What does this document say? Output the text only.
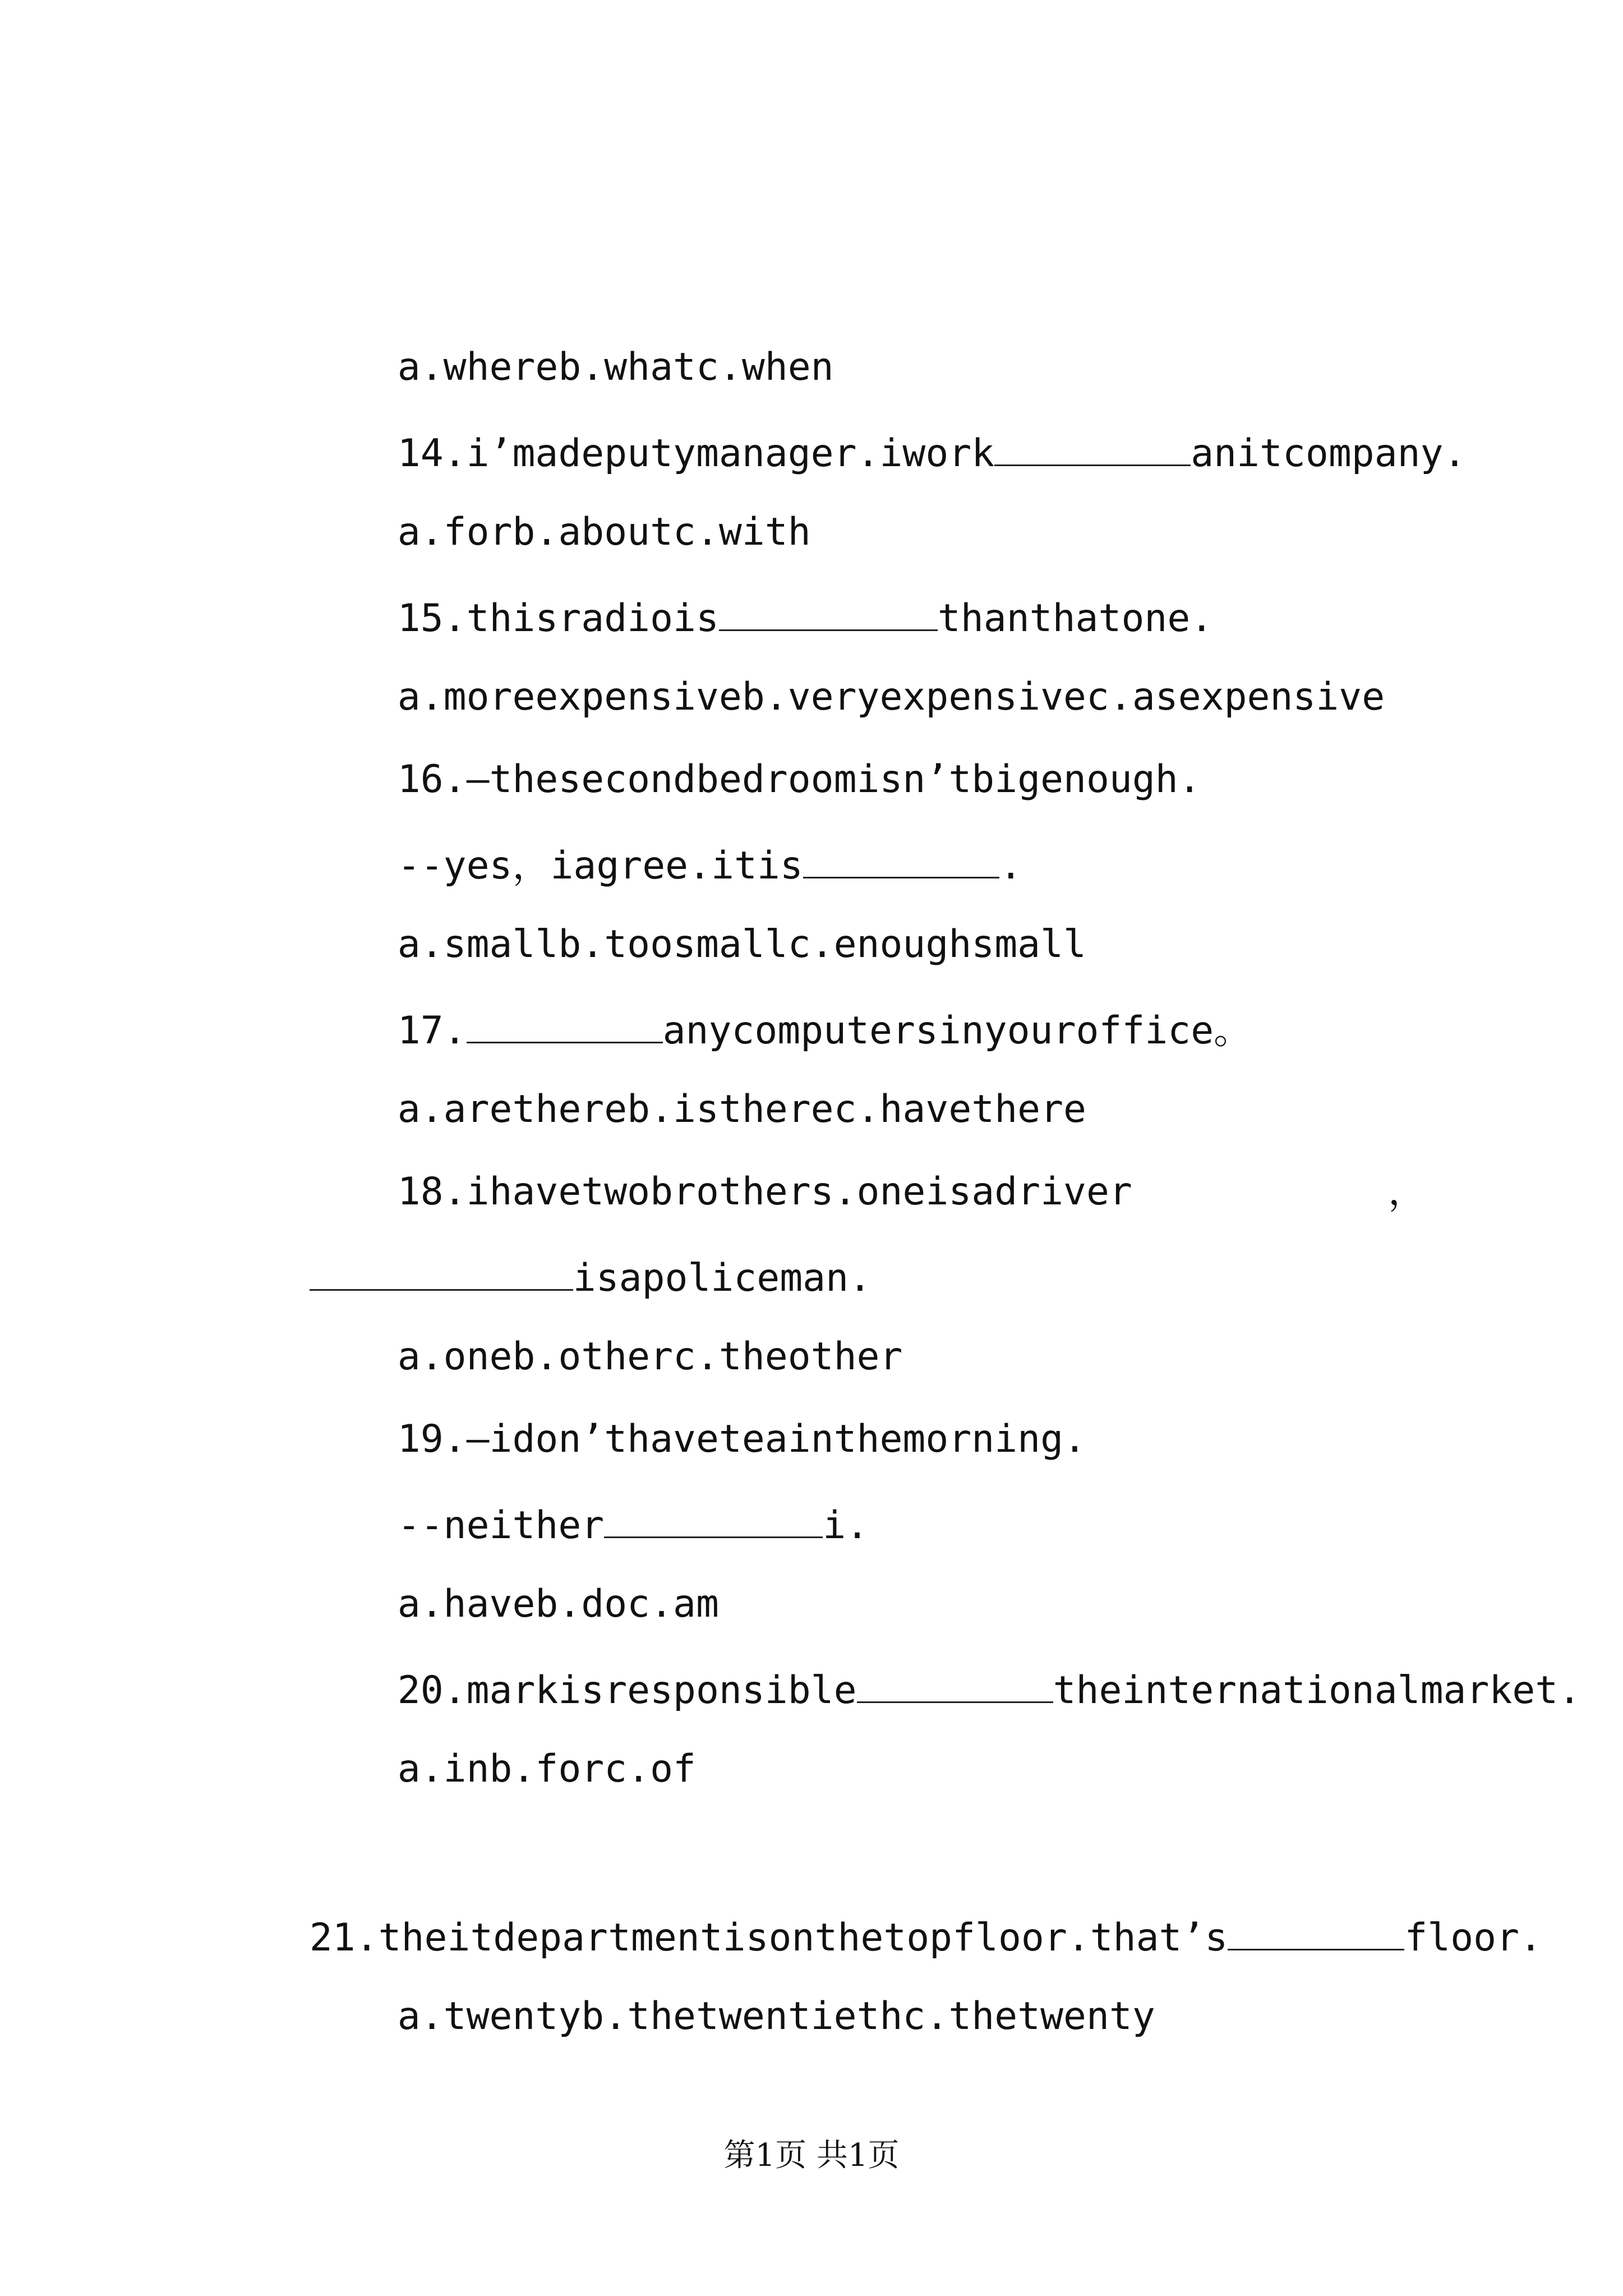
a.whereb.whatc.when

14.i’madeputymanager.iwork	anitcompany.

a.forb.aboutc.with

15.thisradiois	thanthatone.

a.moreexpensiveb.veryexpensivec.asexpensive

16.—thesecondbedroomisn’tbigenough.

--yes，iagree.itis	.

a.smallb.toosmallc.enoughsmall

17.	anycomputersinyouroffice。

a.arethereb.istherec.havethere

18.ihavetwobrothers.oneisadriver	，

isapoliceman.

a.oneb.otherc.theother

19.–idon’thaveteainthemorning.

--neither	i.

a.haveb.doc.am

20.markisresponsible	theinternationalmarket.

a.inb.forc.of

21.theitdepartmentisonthetopfloor.that’s	floor.

a.twentyb.thetwentiethc.thetwenty

第1页 共1页
